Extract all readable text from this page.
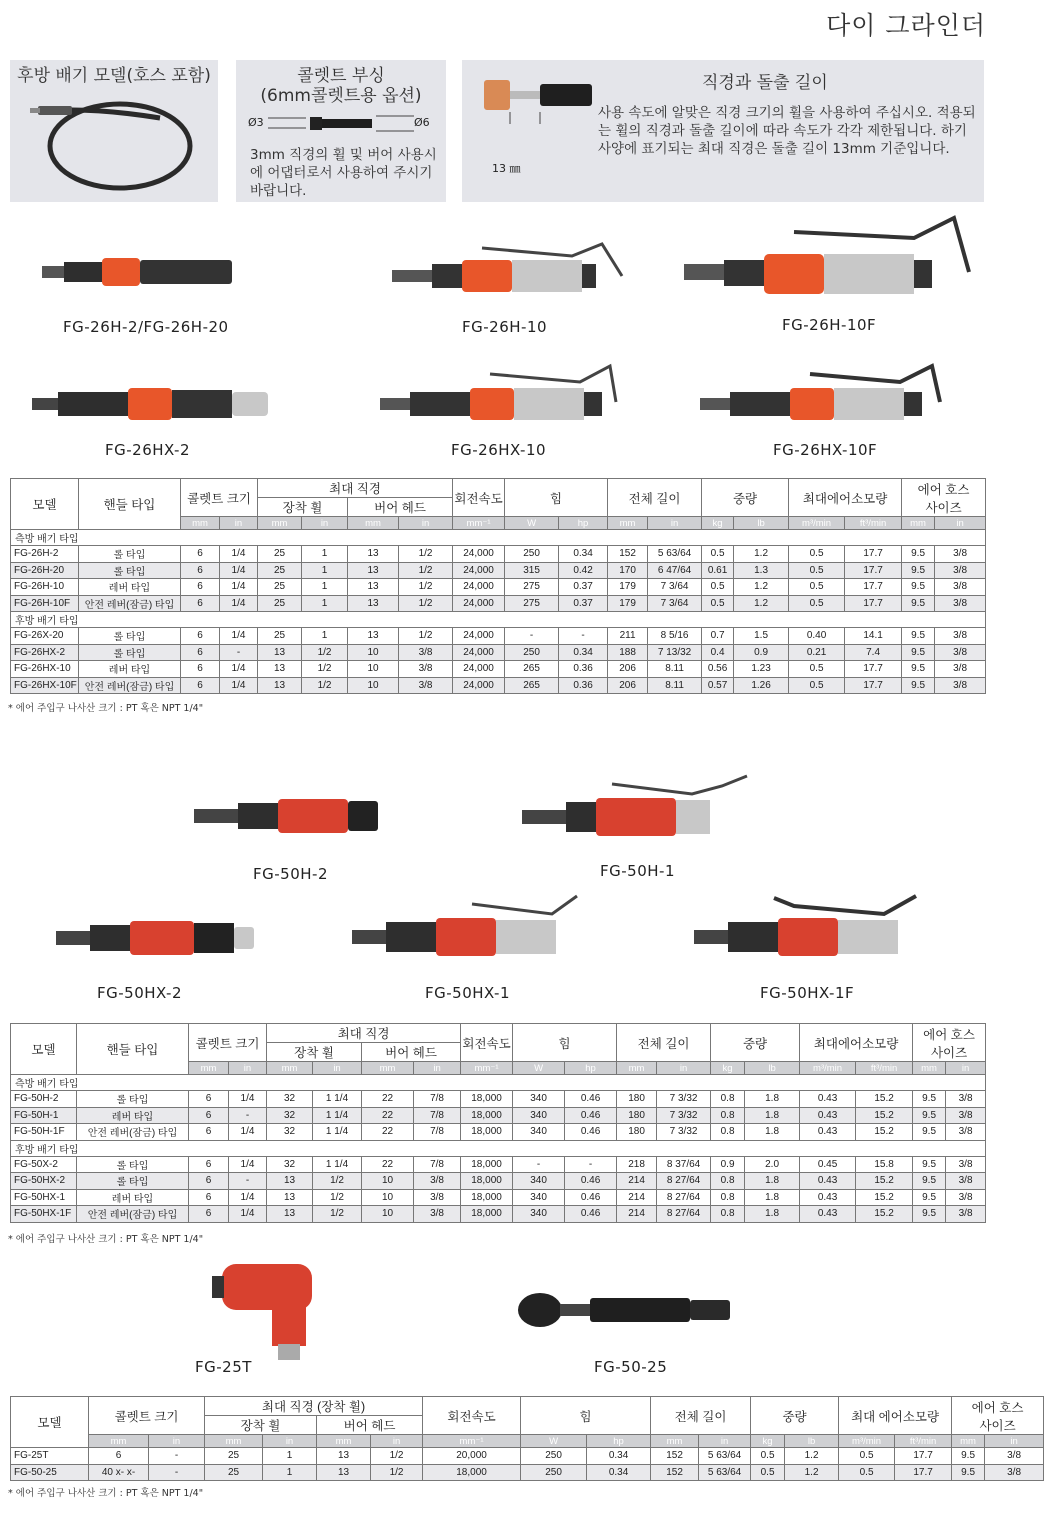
다이 그라인더
후방 배기 모델(호스 포함)	콜렛트 부싱
(6mm콜렛트용 옵션)
Ø3	Ø6
3mm 직경의 휠 및 버어 사용시에 어댑터로서 사용하여 주시기 바랍니다.
직경과 돌출 길이
13 ㎜
사용 속도에 알맞은 직경 크기의 휠을 사용하여 주십시오. 적용되는 휠의 직경과 돌출 길이에 따라 속도가 각각 제한됩니다. 하기 사양에 표기되는 최대 직경은 돌출 길이 13mm 기준입니다.
FG-26H-2/FG-26H-20	FG-26H-10	FG-26H-10F
FG-26HX-2	FG-26HX-10	FG-26HX-10F
모델	핸들 타입	콜렛트 크기		최대 직경				회전속도	힘		전체 길이		중량		최대에어소모량		에어 호스
사이즈	
				장착 휠		버어 헤드												
		mm	in	mm	in	mm	in	mm⁻¹	W	hp	mm	in	kg	lb	m³/min	ft³/min	mm	in
측방 배기 타입																		
FG-26H-2	롤 타입	6	1/4	25	1	13	1/2	24,000	250	0.34	152	5 63/64	0.5	1.2	0.5	17.7	9.5	3/8
FG-26H-20	롤 타입	6	1/4	25	1	13	1/2	24,000	315	0.42	170	6 47/64	0.61	1.3	0.5	17.7	9.5	3/8
FG-26H-10	레버 타입	6	1/4	25	1	13	1/2	24,000	275	0.37	179	7 3/64	0.5	1.2	0.5	17.7	9.5	3/8
FG-26H-10F	안전 레버(잠금) 타입	6	1/4	25	1	13	1/2	24,000	275	0.37	179	7 3/64	0.5	1.2	0.5	17.7	9.5	3/8
후방 배기 타입																		
FG-26X-20	롤 타입	6	1/4	25	1	13	1/2	24,000	-	-	211	8 5/16	0.7	1.5	0.40	14.1	9.5	3/8
FG-26HX-2	롤 타입	6	-	13	1/2	10	3/8	24,000	250	0.34	188	7 13/32	0.4	0.9	0.21	7.4	9.5	3/8
FG-26HX-10	레버 타입	6	1/4	13	1/2	10	3/8	24,000	265	0.36	206	8.11	0.56	1.23	0.5	17.7	9.5	3/8
FG-26HX-10F	안전 레버(잠금) 타입	6	1/4	13	1/2	10	3/8	24,000	265	0.36	206	8.11	0.57	1.26	0.5	17.7	9.5	3/8
* 에어 주입구 나사산 크기 : PT 혹은 NPT 1/4"
FG-50H-2	FG-50H-1
FG-50HX-2	FG-50HX-1	FG-50HX-1F
모델	핸들 타입	콜렛트 크기		최대 직경				회전속도	힘		전체 길이		중량		최대에어소모량		에어 호스
사이즈	
				장착 휠		버어 헤드												
		mm	in	mm	in	mm	in	mm⁻¹	W	hp	mm	in	kg	lb	m³/min	ft³/min	mm	in
측방 배기 타입																		
FG-50H-2	롤 타입	6	1/4	32	1 1/4	22	7/8	18,000	340	0.46	180	7 3/32	0.8	1.8	0.43	15.2	9.5	3/8
FG-50H-1	레버 타입	6	-	32	1 1/4	22	7/8	18,000	340	0.46	180	7 3/32	0.8	1.8	0.43	15.2	9.5	3/8
FG-50H-1F	안전 레버(잠금) 타입	6	1/4	32	1 1/4	22	7/8	18,000	340	0.46	180	7 3/32	0.8	1.8	0.43	15.2	9.5	3/8
후방 배기 타입																		
FG-50X-2	롤 타입	6	1/4	32	1 1/4	22	7/8	18,000	-	-	218	8 37/64	0.9	2.0	0.45	15.8	9.5	3/8
FG-50HX-2	롤 타입	6	-	13	1/2	10	3/8	18,000	340	0.46	214	8 27/64	0.8	1.8	0.43	15.2	9.5	3/8
FG-50HX-1	레버 타입	6	1/4	13	1/2	10	3/8	18,000	340	0.46	214	8 27/64	0.8	1.8	0.43	15.2	9.5	3/8
FG-50HX-1F	안전 레버(잠금) 타입	6	1/4	13	1/2	10	3/8	18,000	340	0.46	214	8 27/64	0.8	1.8	0.43	15.2	9.5	3/8
* 에어 주입구 나사산 크기 : PT 혹은 NPT 1/4"
FG-25T	FG-50-25
모델	콜렛트 크기		최대 직경 (장착 휠)				회전속도	힘		전체 길이		중량		최대 에어소모량		에어 호스
사이즈	
			장착 휠		버어 헤드												
	mm	in	mm	in	mm	in	mm⁻¹	W	hp	mm	in	kg	lb	m³/min	ft³/min	mm	in
FG-25T	6	-	25	1	13	1/2	20,000	250	0.34	152	5 63/64	0.5	1.2	0.5	17.7	9.5	3/8
FG-50-25	40 x- x-	-	25	1	13	1/2	18,000	250	0.34	152	5 63/64	0.5	1.2	0.5	17.7	9.5	3/8
* 에어 주입구 나사산 크기 : PT 혹은 NPT 1/4"
